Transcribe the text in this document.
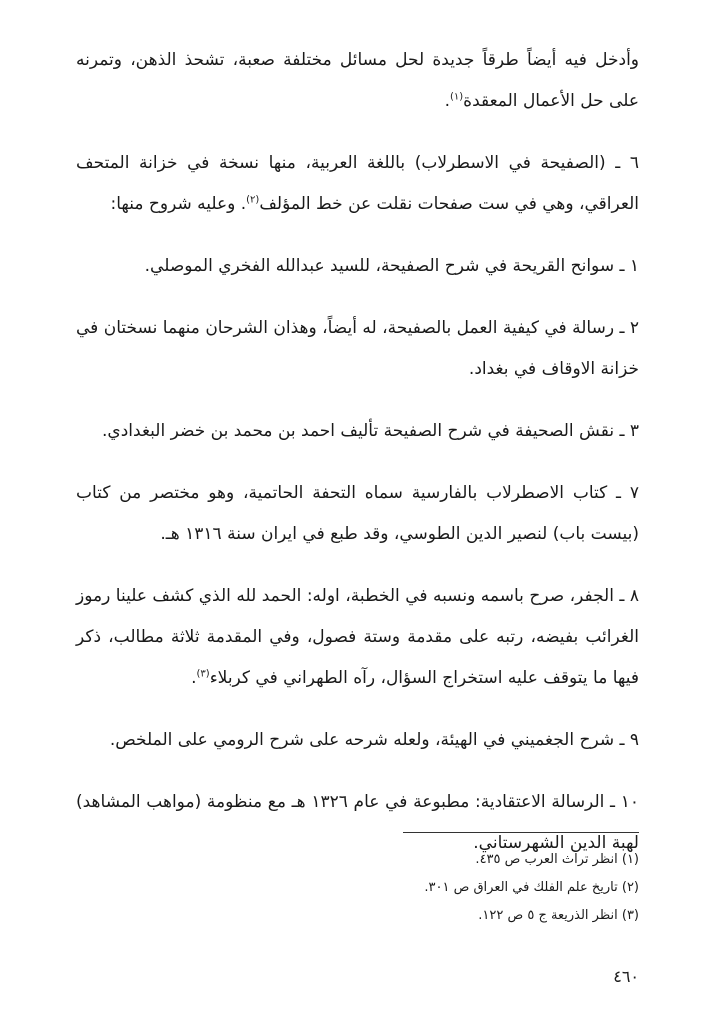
وأدخل فيه أيضاً طرقاً جديدة لحل مسائل مختلفة صعبة، تشحذ الذهن، وتمرنه على حل الأعمال المعقدة$^{(١)}$.

٦ ـ (الصفيحة في الاسطرلاب) باللغة العربية، منها نسخة في خزانة المتحف العراقي، وهي في ست صفحات نقلت عن خط المؤلف$^{(٢)}$. وعليه شروح منها:

١ ـ سوانح القريحة في شرح الصفيحة، للسيد عبدالله الفخري الموصلي.

٢ ـ رسالة في كيفية العمل بالصفيحة، له أيضاً، وهذان الشرحان منهما نسختان في خزانة الاوقاف في بغداد.

٣ ـ نقش الصحيفة في شرح الصفيحة تأليف احمد بن محمد بن خضر البغدادي.

٧ ـ كتاب الاصطرلاب بالفارسية سماه التحفة الحاتمية، وهو مختصر من كتاب (بيست باب) لنصير الدين الطوسي، وقد طبع في ايران سنة ١٣١٦ هـ.

٨ ـ الجفر، صرح باسمه ونسبه في الخطبة، اوله: الحمد لله الذي كشف علينا رموز الغرائب بفيضه، رتبه على مقدمة وستة فصول، وفي المقدمة ثلاثة مطالب، ذكر فيها ما يتوقف عليه استخراج السؤال، رآه الطهراني في كربلاء$^{(٣)}$.

٩ ـ شرح الجغميني في الهيئة، ولعله شرحه على شرح الرومي على الملخص.

١٠ ـ الرسالة الاعتقادية: مطبوعة في عام ١٣٢٦ هـ مع منظومة (مواهب المشاهد) لهبة الدين الشهرستاني.

(١) انظر تراث العرب ص ٤٣٥.

(٢) تاريخ علم الفلك في العراق ص ٣٠١.

(٣) انظر الذريعة ج ٥ ص ١٢٢.

٤٦٠
